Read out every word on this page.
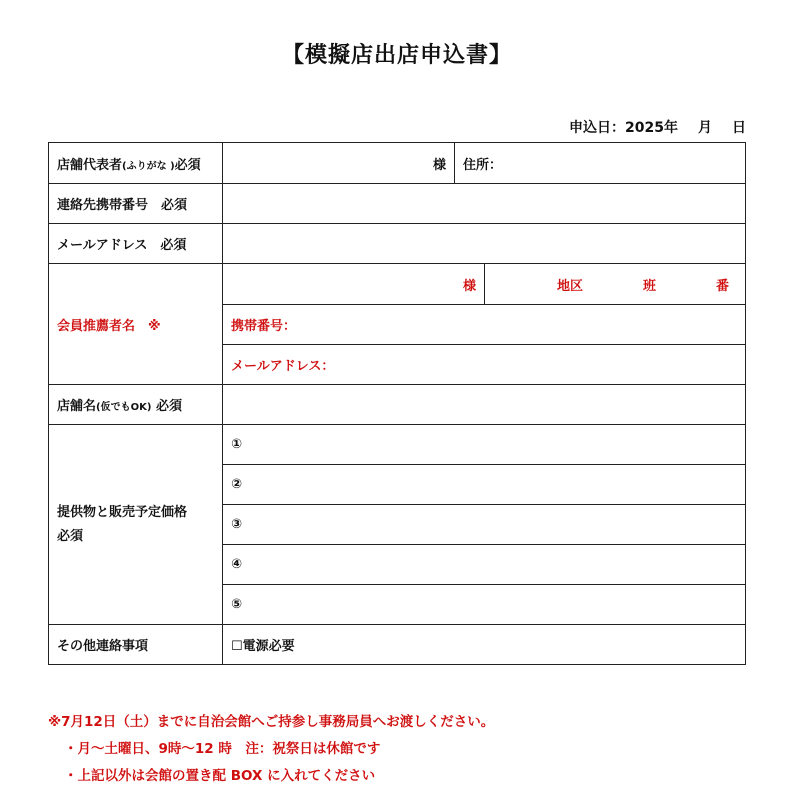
【模擬店出店申込書】
申込日：2025年 月 日
店舗代表者(ふりがな )必須	様 住所：

連絡先携帯番号　必須	
メールアドレス　必須	
会員推薦者名　※	様 地区 班 番

	携帯番号：
	メールアドレス：
店舗名(仮でもOK) 必須	

提供物と販売予定価格
必須	①
	②
	③
	④
	⑤
その他連絡事項	☐電源必要
※7月12日（土）までに自治会館へご持参し事務局員へお渡しください。
・月～土曜日、9時～12 時　注：祝祭日は休館です
・上記以外は会館の置き配 BOX に入れてください
